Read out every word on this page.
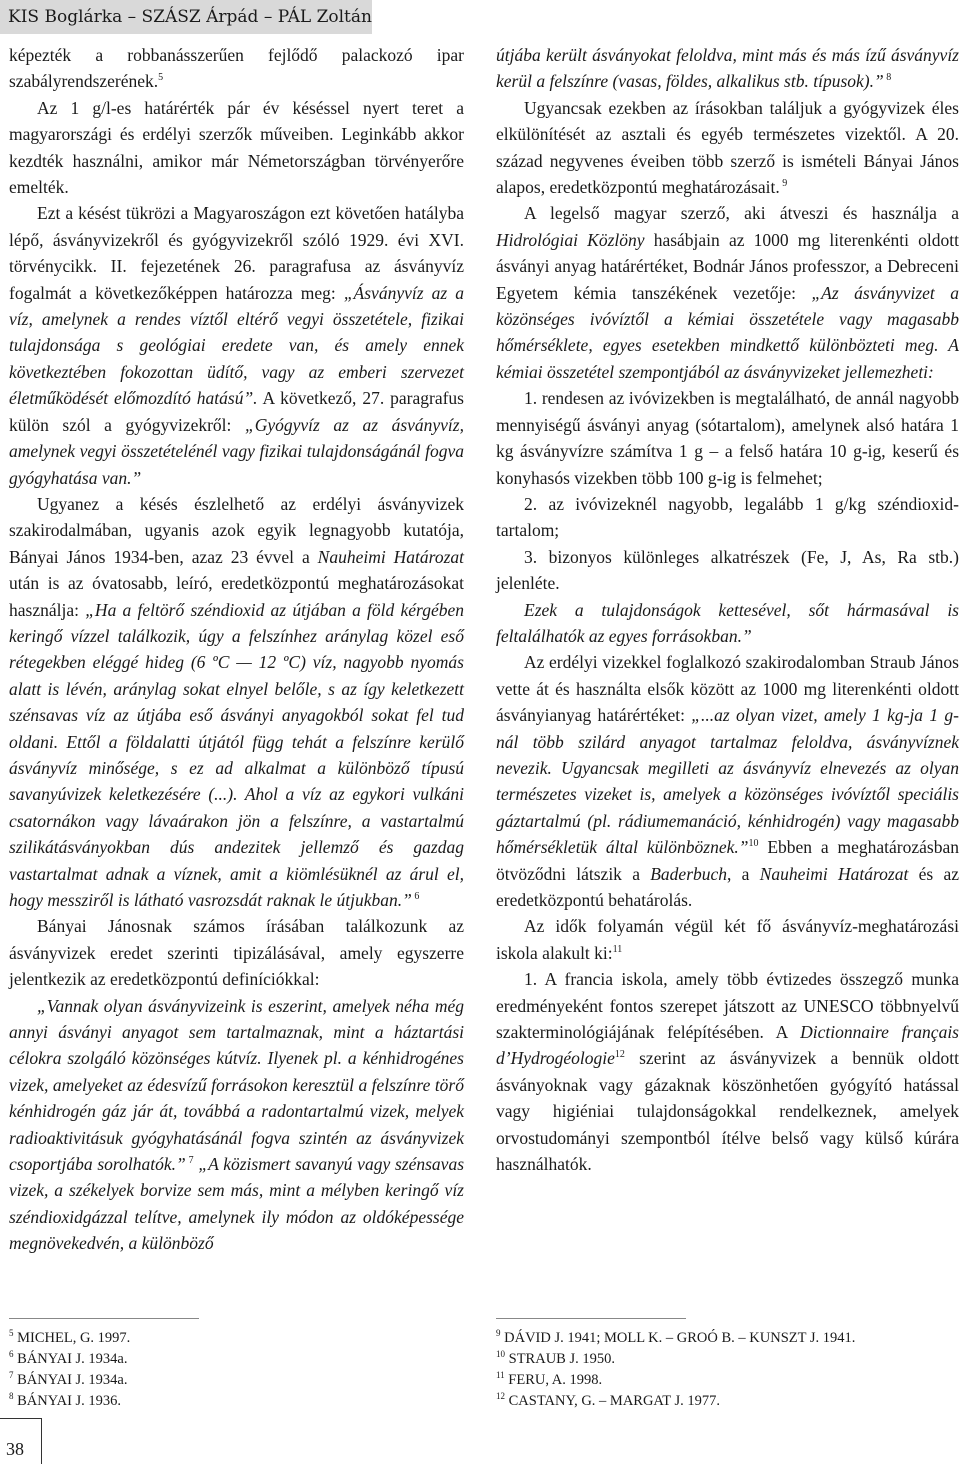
KIS Boglárka – SZÁSZ Árpád – PÁL Zoltán

képezték a robbanásszerűen fejlődő palackozó ipar szabályrendszerének.$^5$

Az 1 g/l-es határérték pár év késéssel nyert teret a magyarországi és erdélyi szerzők műveiben. Leginkább akkor kezdték használni, amikor már Németországban törvényerőre emelték.

Ezt a késést tükrözi a Magyaroszágon ezt követően hatályba lépő, ásványvizekről és gyógyvizekről szóló 1929. évi XVI. törvénycikk. II. fejezetének 26. paragrafusa az ásványvíz fogalmát a következőképpen határozza meg: „Ásványvíz az a víz, amelynek a rendes víztől eltérő vegyi összetétele, fizikai tulajdonsága s geológiai eredete van, és amely ennek következtében fokozottan üdítő, vagy az emberi szervezet életműködését előmozdító hatású”. A következő, 27. paragrafus külön szól a gyógyvizekről: „Gyógyvíz az az ásványvíz, amelynek vegyi összetételénél vagy fizikai tulajdonságánál fogva gyógyhatása van.”

Ugyanez a késés észlelhető az erdélyi ásványvizek szakirodalmában, ugyanis azok egyik legnagyobb kutatója, Bányai János 1934-ben, azaz 23 évvel a Nauheimi Határozat után is az óvatosabb, leíró, eredetközpontú meghatározásokat használja: „Ha a feltörő széndioxid az útjában a föld kérgében keringő vízzel találkozik, úgy a felszínhez aránylag közel eső rétegekben eléggé hideg (6 ºC — 12 ºC) víz, nagyobb nyomás alatt is lévén, aránylag sokat elnyel belőle, s az így keletkezett szénsavas víz az útjába eső ásványi anyagokból sokat fel tud oldani. Ettől a földalatti útjától függ tehát a felszínre kerülő ásványvíz minősége, s ez ad alkalmat a különböző típusú savanyúvizek keletkezésére (...). Ahol a víz az egykori vulkáni csatornákon vagy lávaárakon jön a felszínre, a vastartalmú szilikátásványokban dús andezitek jellemző és gazdag vastartalmat adnak a víznek, amit a kiömlésüknél az árul el, hogy messziről is látható vasrozsdát raknak le útjukban.” $^6$

Bányai Jánosnak számos írásában találkozunk az ásványvizek eredet szerinti tipizálásával, amely egyszerre jelentkezik az eredetközpontú definíciókkal:

„Vannak olyan ásványvizeink is eszerint, amelyek néha még annyi ásványi anyagot sem tartalmaznak, mint a háztartási célokra szolgáló közönséges kútvíz. Ilyenek pl. a kénhidrogénes vizek, amelyeket az édesvízű forrásokon keresztül a felszínre törő kénhidrogén gáz jár át, továbbá a radontartalmú vizek, melyek radioaktivitásuk gyógyhatásánál fogva szintén az ásványvizek csoportjába sorolhatók.” $^7$ „A közismert savanyú vagy szénsavas vizek, a székelyek borvize sem más, mint a mélyben keringő víz széndioxidgázzal telítve, amelynek ily módon az oldóképessége megnövekedvén, a különböző

útjába került ásványokat feloldva, mint más és más ízű ásványvíz kerül a felszínre (vasas, földes, alkalikus stb. típusok).” $^8$

Ugyancsak ezekben az írásokban találjuk a gyógyvizek éles elkülönítését az asztali és egyéb természetes vizektől. A 20. század negyvenes éveiben több szerző is ismételi Bányai János alapos, eredetközpontú meghatározásait. $^9$

A legelső magyar szerző, aki átveszi és használja a Hidrológiai Közlöny hasábjain az 1000 mg literenkénti oldott ásványi anyag határértéket, Bodnár János professzor, a Debreceni Egyetem kémia tanszékének vezetője: „Az ásványvizet a közönséges ivóvíztől a kémiai összetétele vagy magasabb hőmérséklete, egyes esetekben mindkettő különbözteti meg. A kémiai összetétel szempontjából az ásványvizeket jellemezheti:

1. rendesen az ivóvizekben is megtalálható, de annál nagyobb mennyiségű ásványi anyag (sótartalom), amelynek alsó határa 1 kg ásványvízre számítva 1 g – a felső határa 10 g-ig, keserű és konyhasós vizekben több 100 g-ig is felmehet;

2. az ivóvizeknél nagyobb, legalább 1 g/kg széndioxid-tartalom;

3. bizonyos különleges alkatrészek (Fe, J, As, Ra stb.) jelenléte.

Ezek a tulajdonságok kettesével, sőt hármasával is feltalálhatók az egyes forrásokban.”

Az erdélyi vizekkel foglalkozó szakirodalomban Straub János vette át és használta elsők között az 1000 mg literenkénti oldott ásványianyag határértéket: „...az olyan vizet, amely 1 kg-ja 1 g-nál több szilárd anyagot tartalmaz feloldva, ásványvíznek nevezik. Ugyancsak megilleti az ásványvíz elnevezés az olyan természetes vizeket is, amelyek a közönséges ivóvíztől speciális gáztartalmú (pl. rádiumemanáció, kénhidrogén) vagy magasabb hőmérsékletük által különböznek.”$^{10}$ Ebben a meghatározásban ötvöződni látszik a Baderbuch, a Nauheimi Határozat és az eredetközpontú behatárolás.

Az idők folyamán végül két fő ásványvíz-meghatározási iskola alakult ki:$^{11}$

1. A francia iskola, amely több évtizedes összegző munka eredményeként fontos szerepet játszott az UNESCO többnyelvű szakterminológiájának felépítésében. A Dictionnaire français d’Hydrogéologie$^{12}$ szerint az ásványvizek a bennük oldott ásványoknak vagy gázaknak köszönhetően gyógyító hatással vagy higiéniai tulajdonságokkal rendelkeznek, amelyek orvostudományi szempontból ítélve belső vagy külső kúrára használhatók.

$^5$ MICHEL, G. 1997.
$^6$ BÁNYAI J. 1934a.
$^7$ BÁNYAI J. 1934a.
$^8$ BÁNYAI J. 1936.
$^9$ DÁVID J. 1941; MOLL K. – GROÓ B. – KUNSZT J. 1941.
$^{10}$ STRAUB J. 1950.
$^{11}$ FERU, A. 1998.
$^{12}$ CASTANY, G. – MARGAT J. 1977.
38
